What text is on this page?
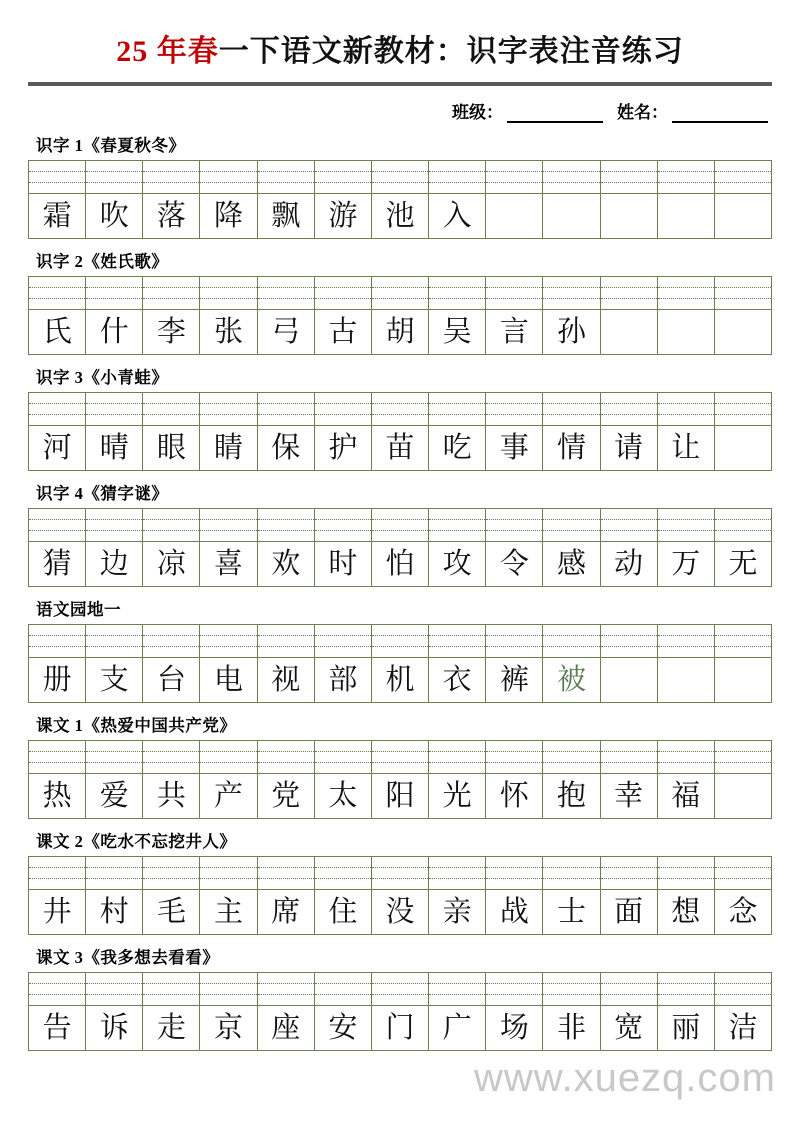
25 年春一下语文新教材：识字表注音练习
班级：	姓名：
识字 1《春夏秋冬》
霜 吹 落 降 飘 游 池 入
识字 2《姓氏歌》
氏 什 李 张 弓 古 胡 吴 言 孙
识字 3《小青蛙》
河 晴 眼 睛 保 护 苗 吃 事 情 请 让
识字 4《猜字谜》
猜 边 凉 喜 欢 时 怕 攻 令 感 动 万 无
语文园地一
册 支 台 电 视 部 机 衣 裤 被
课文 1《热爱中国共产党》
热 爱 共 产 党 太 阳 光 怀 抱 幸 福
课文 2《吃水不忘挖井人》
井 村 毛 主 席 住 没 亲 战 士 面 想 念
课文 3《我多想去看看》
告 诉 走 京 座 安 门 广 场 非 宽 丽 洁
www.xuezq.com
